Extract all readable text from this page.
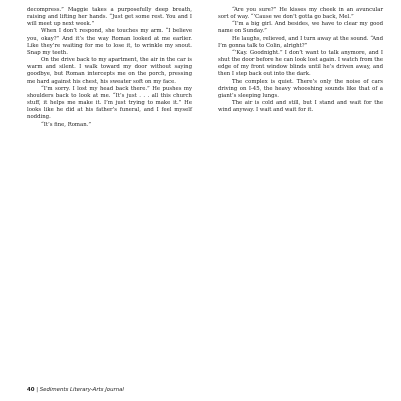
decompress.” Maggie takes a purposefully deep breath, raising and lifting her hands. “Just get some rest. You and I will meet up next week.”

When I don’t respond, she touches my arm. “I believe you, okay?” And it’s the way Roman looked at me earlier. Like they’re waiting for me to lose it, to wrinkle my snout. Snap my teeth.

On the drive back to my apartment, the air in the car is warm and silent. I walk toward my door without saying goodbye, but Roman intercepts me on the porch, pressing me hard against his chest, his sweater soft on my face.

“I’m sorry. I lost my head back there.” He pushes my shoulders back to look at me. “It’s just . . . all this church stuff, it helps me make it. I’m just trying to make it.” He looks like he did at his father’s funeral, and I feel myself nodding.

“It’s fine, Roman.”

“Are you sure?” He kisses my cheek in an avuncular sort of way. “’Cause we don’t gotta go back, Mel.”

“I’m a big girl. And besides, we have to clear my good name on Sunday.”

He laughs, relieved, and I turn away at the sound. “And I’m gonna talk to Colin, alright?”

“’Kay. Goodnight.” I don’t want to talk anymore, and I shut the door before he can look lost again. I watch from the edge of my front window blinds until he’s driven away, and then I step back out into the dark.

The complex is quiet. There’s only the noise of cars driving on I-45, the heavy whooshing sounds like that of a giant’s sleeping lungs.

The air is cold and still, but I stand and wait for the wind anyway. I wait and wait for it.

40 | Sediments Literary-Arts Journal
